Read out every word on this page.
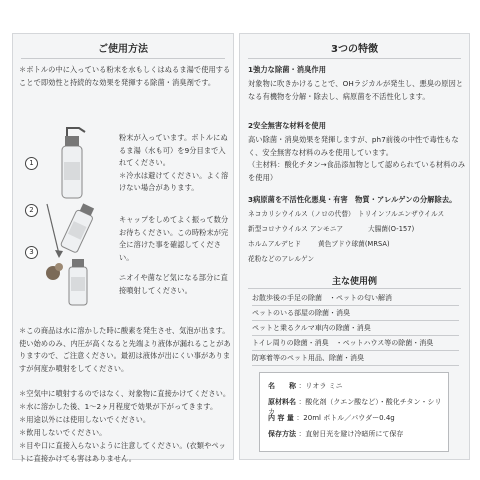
ご使用方法
＊ボトルの中に入っている粉末を水もしくはぬるま湯で使用することで即効性と持続的な効果を発揮する除菌・消臭剤です。
1
粉末が入っています。ボトルにぬるま湯（水も可）を9分目まで入れてください。
＊冷水は避けてください。よく溶けない場合があります。
2
キャップをしめてよく振って数分お待ちください。この時粉末が完全に溶けた事を確認してください。
3
ニオイや菌など気になる部分に直接噴射してください。
＊この商品は水に溶かした時に酸素を発生させ、気泡が出ます。使い始めのみ、内圧が高くなると先端より液体が漏れることがありますので、ご注意ください。最初は液体が出にくい事がありますが何度か噴射をしてください。
＊空気中に噴射するのではなく、対象物に直接かけてください。
＊水に溶かした後、1〜2ヶ月程度で効果が下がってきます。
＊用途以外には使用しないでください。
＊飲用しないでください。
＊目や口に直接入らないように注意してください。(衣類やペットに直接かけても害はありません。
3つの特徴
1強力な除菌・消臭作用
対象物に吹きかけることで、OHラジカルが発生し、悪臭の原因となる有機物を分解・除去し、病原菌を不活性化します。
2安全無害な材料を使用
高い除菌・消臭効果を発揮しますが、ph7前後の中性で毒性もなく、安全無害な材料のみを使用しています。
（主材料：酸化チタン→食品添加物として認められている材料のみを使用）
3病原菌を不活性化悪臭・有害　物質・アレルゲンの分解除去。
ネコカリシウイルス（ノロの代替） トリインフルエンザウイルス
新型コロナウイルス アンモニア	大腸菌(O-157)
ホルムアルデヒド	黄色ブドウ球菌(MRSA)
花粉などのアレルゲン
主な使用例
お散歩後の手足の除菌　・ペットの匂い解消
ペットのいる部屋の除菌・消臭
ペットと乗るクルマ車内の除菌・消臭
トイレ周りの除菌・消臭　・ペットハウス等の除菌・消臭
防寒着等のペット用品、除菌・消臭
名　　称 ：リオラ ミニ
原材料名 ：酸化剤（クエン酸など）・酸化チタン・シリカ
内 容 量 ：20ml ボトル／パウダー0.4g
保存方法 ：直射日光を避け冷暗所にて保存
